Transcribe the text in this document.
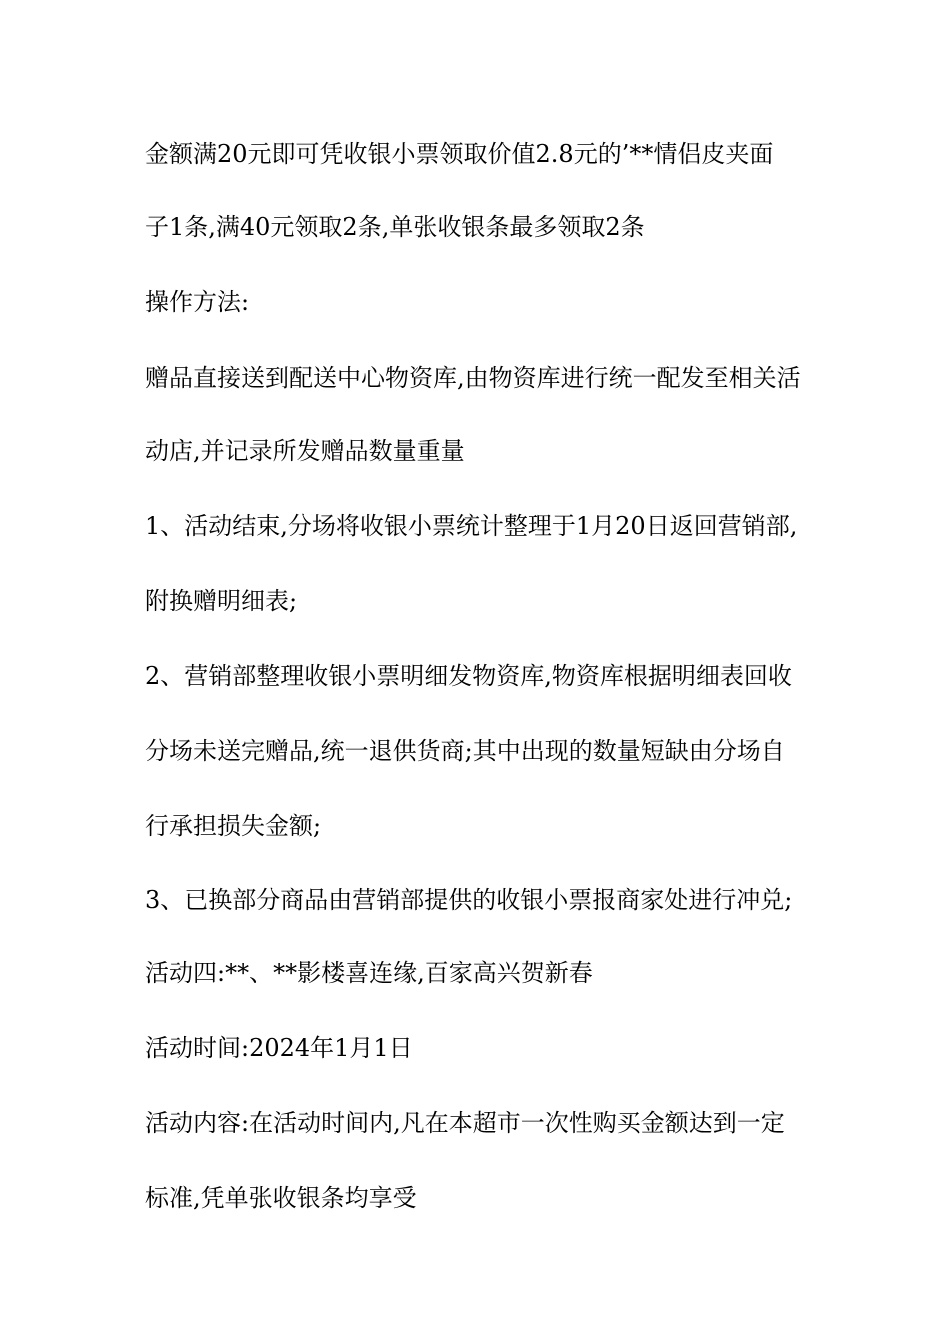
金额满20元即可凭收银小票领取价值2.8元的’**情侣皮夹面
子1条,满40元领取2条,单张收银条最多领取2条
操作方法:
赠品直接送到配送中心物资库,由物资库进行统一配发至相关活
动店,并记录所发赠品数量重量
1、活动结束,分场将收银小票统计整理于1月20日返回营销部,
附换赠明细表;
2、营销部整理收银小票明细发物资库,物资库根据明细表回收
分场未送完赠品,统一退供货商;其中出现的数量短缺由分场自
行承担损失金额;
3、已换部分商品由营销部提供的收银小票报商家处进行冲兑;
活动四:**、**影楼喜连缘,百家高兴贺新春
活动时间:2024年1月1日
活动内容:在活动时间内,凡在本超市一次性购买金额达到一定
标准,凭单张收银条均享受
